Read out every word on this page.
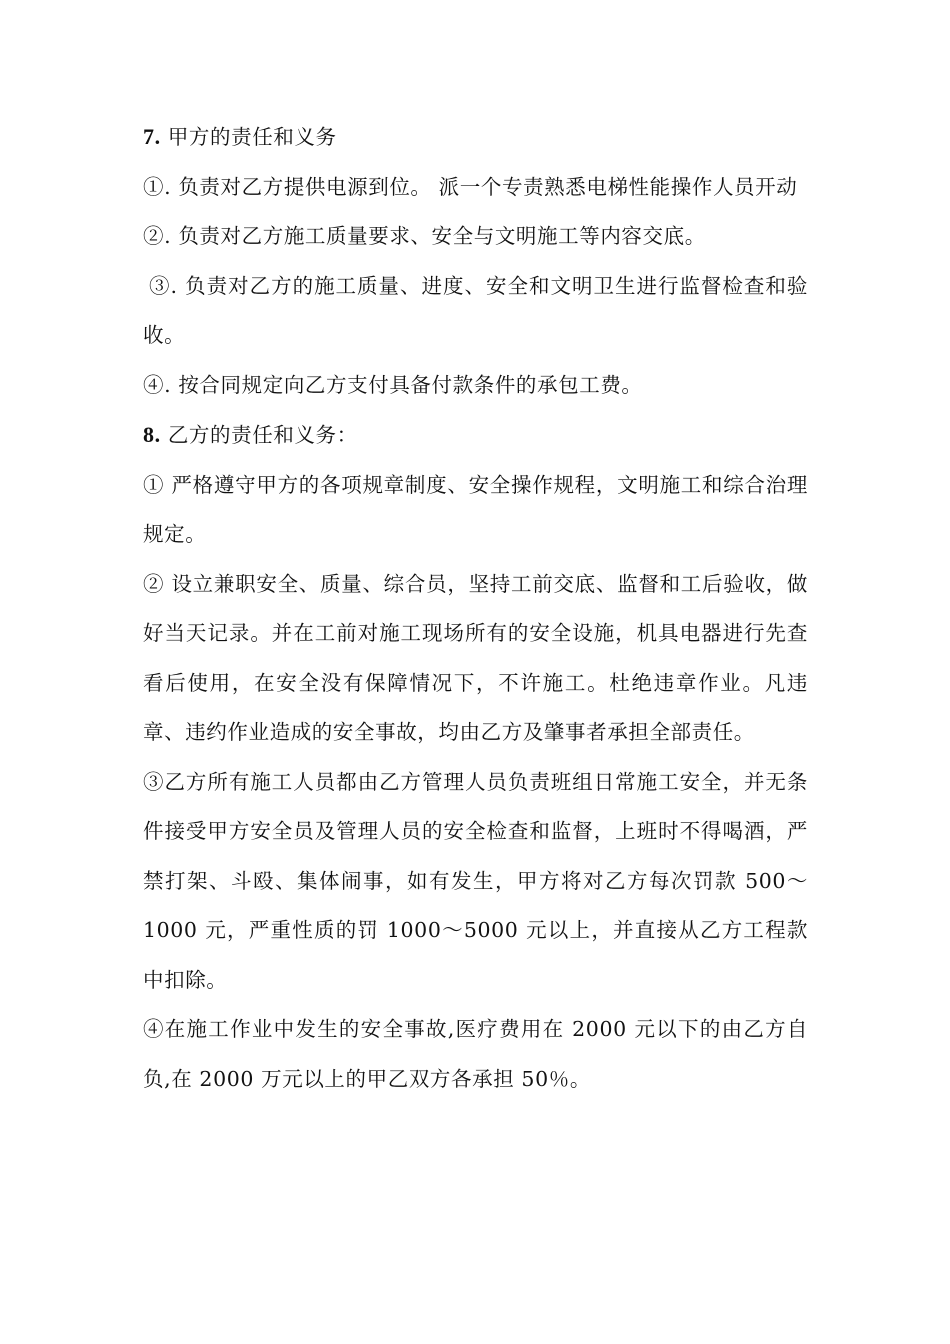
7. 甲方的责任和义务

①. 负责对乙方提供电源到位。 派一个专责熟悉电梯性能操作人员开动

②. 负责对乙方施工质量要求、安全与文明施工等内容交底。

③. 负责对乙方的施工质量、进度、安全和文明卫生进行监督检查和验收。

④. 按合同规定向乙方支付具备付款条件的承包工费。

8. 乙方的责任和义务：

① 严格遵守甲方的各项规章制度、安全操作规程，文明施工和综合治理规定。

② 设立兼职安全、质量、综合员，坚持工前交底、监督和工后验收，做好当天记录。并在工前对施工现场所有的安全设施，机具电器进行先查看后使用，在安全没有保障情况下，不许施工。杜绝违章作业。凡违章、违约作业造成的安全事故，均由乙方及肇事者承担全部责任。

③乙方所有施工人员都由乙方管理人员负责班组日常施工安全，并无条件接受甲方安全员及管理人员的安全检查和监督，上班时不得喝酒，严禁打架、斗殴、集体闹事，如有发生，甲方将对乙方每次罚款 500～1000 元，严重性质的罚 1000～5000 元以上，并直接从乙方工程款中扣除。

④在施工作业中发生的安全事故,医疗费用在 2000 元以下的由乙方自负,在 2000 万元以上的甲乙双方各承担 50％。
